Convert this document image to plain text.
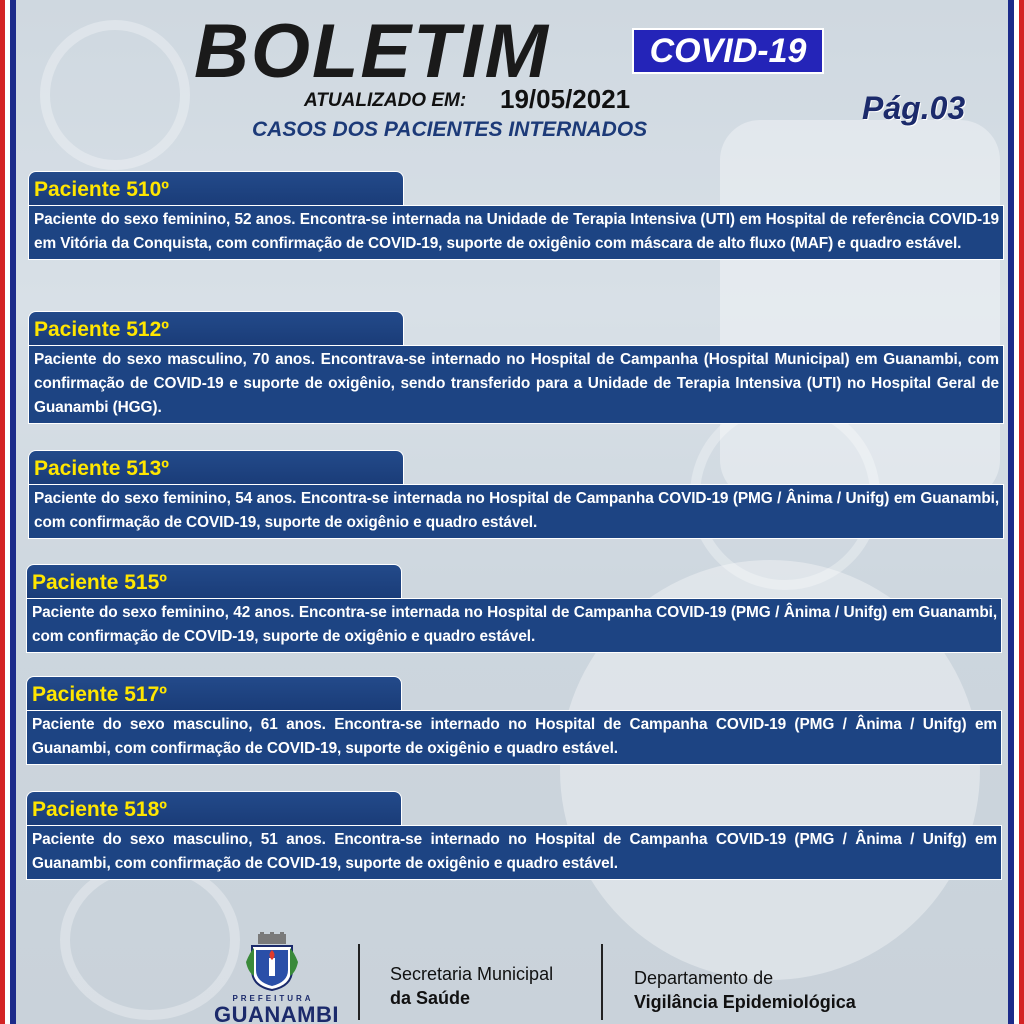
BOLETIM	COVID-19
ATUALIZADO EM: 19/05/2021	Pág.03
CASOS DOS PACIENTES INTERNADOS
Paciente 510º
Paciente do sexo feminino, 52 anos. Encontra-se internada na Unidade de Terapia Intensiva (UTI) em Hospital de referência COVID-19 em Vitória da Conquista, com confirmação de COVID-19, suporte de oxigênio com máscara de alto fluxo (MAF) e quadro estável.
Paciente 512º
Paciente do sexo masculino, 70 anos. Encontrava-se internado no Hospital de Campanha (Hospital Municipal) em Guanambi, com confirmação de COVID-19 e suporte de oxigênio, sendo transferido para a Unidade de Terapia Intensiva (UTI) no Hospital Geral de Guanambi (HGG).
Paciente 513º
Paciente do sexo feminino, 54 anos. Encontra-se internada no Hospital de Campanha COVID-19 (PMG / Ânima / Unifg) em Guanambi, com confirmação de COVID-19, suporte de oxigênio e quadro estável.
Paciente 515º
Paciente do sexo feminino, 42 anos. Encontra-se internada no Hospital de Campanha COVID-19 (PMG / Ânima / Unifg) em Guanambi, com confirmação de COVID-19, suporte de oxigênio e quadro estável.
Paciente 517º
Paciente do sexo masculino, 61 anos. Encontra-se internado no Hospital de Campanha COVID-19 (PMG / Ânima / Unifg) em Guanambi, com confirmação de COVID-19, suporte de oxigênio e quadro estável.
Paciente 518º
Paciente do sexo masculino, 51 anos. Encontra-se internado no Hospital de Campanha COVID-19 (PMG / Ânima / Unifg) em Guanambi, com confirmação de COVID-19, suporte de oxigênio e quadro estável.
PREFEITURA
GUANAMBI
Secretaria Municipal
da Saúde
Departamento de
Vigilância Epidemiológica
